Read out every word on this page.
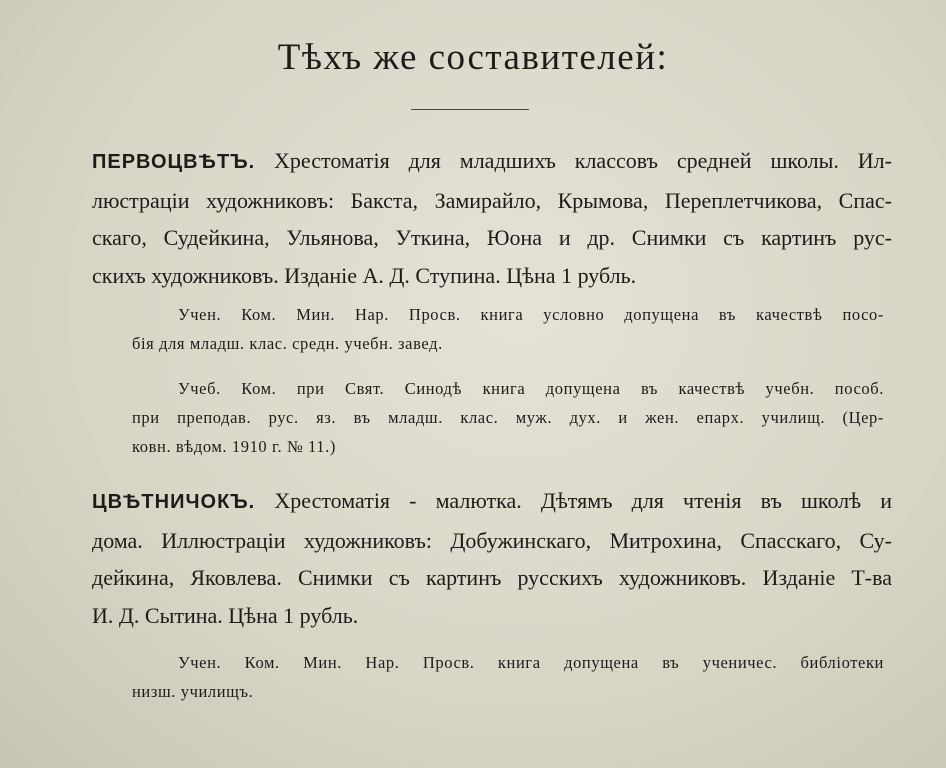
Тѣхъ же составителей:
ПЕРВОЦВѢТЪ. Хрестоматія для младшихъ классовъ средней школы. Ил-
люстраціи художниковъ: Бакста, Замирайло, Крымова, Переплетчикова, Спас-
скаго, Судейкина, Ульянова, Уткина, Юона и др. Снимки съ картинъ рус-
скихъ художниковъ. Изданіе А. Д. Ступина. Цѣна 1 рубль.
Учен. Ком. Мин. Нар. Просв. книга условно допущена въ качествѣ посо-
бія для младш. клас. средн. учебн. завед.
Учеб. Ком. при Свят. Синодѣ книга допущена въ качествѣ учебн. пособ.
при преподав. рус. яз. въ младш. клас. муж. дух. и жен. епарх. училищ. (Цер-
ковн. вѣдом. 1910 г. № 11.)
ЦВѢТНИЧОКЪ. Хрестоматія - малютка. Дѣтямъ для чтенія въ школѣ и
дома. Иллюстраціи художниковъ: Добужинскаго, Митрохина, Спасскаго, Су-
дейкина, Яковлева. Снимки съ картинъ русскихъ художниковъ. Изданіе Т-ва
И. Д. Сытина. Цѣна 1 рубль.
Учен. Ком. Мин. Нар. Просв. книга допущена въ ученичес. библіотеки
низш. училищъ.
